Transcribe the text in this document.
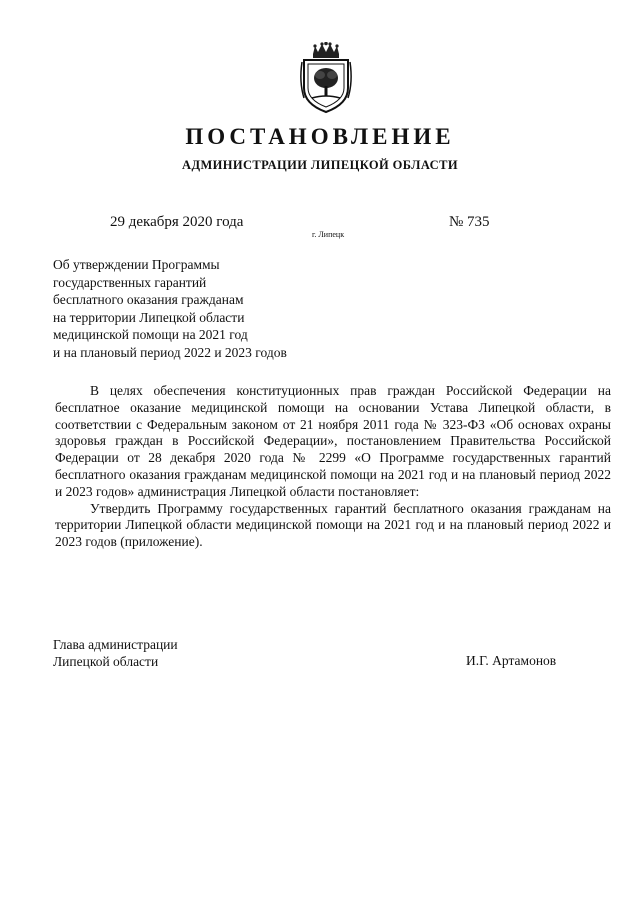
ПОСТАНОВЛЕНИЕ
АДМИНИСТРАЦИИ ЛИПЕЦКОЙ ОБЛАСТИ
29 декабря 2020 года
г. Липецк
№ 735
Об утверждении Программы
государственных гарантий
бесплатного оказания гражданам
на территории Липецкой области
медицинской помощи на 2021 год
и на плановый период 2022 и 2023 годов

В целях обеспечения конституционных прав граждан Российской Федерации на бесплатное оказание медицинской помощи на основании Устава Липецкой области, в соответствии с Федеральным законом от 21 ноября 2011 года № 323-ФЗ «Об основах охраны здоровья граждан в Российской Федерации», постановлением Правительства Российской Федерации от 28 декабря 2020 года № 2299 «О Программе государственных гарантий бесплатного оказания гражданам медицинской помощи на 2021 год и на плановый период 2022 и 2023 годов» администрация Липецкой области постановляет:

Утвердить Программу государственных гарантий бесплатного оказания гражданам на территории Липецкой области медицинской помощи на 2021 год и на плановый период 2022 и 2023 годов (приложение).

Глава администрации
Липецкой области	И.Г. Артамонов
